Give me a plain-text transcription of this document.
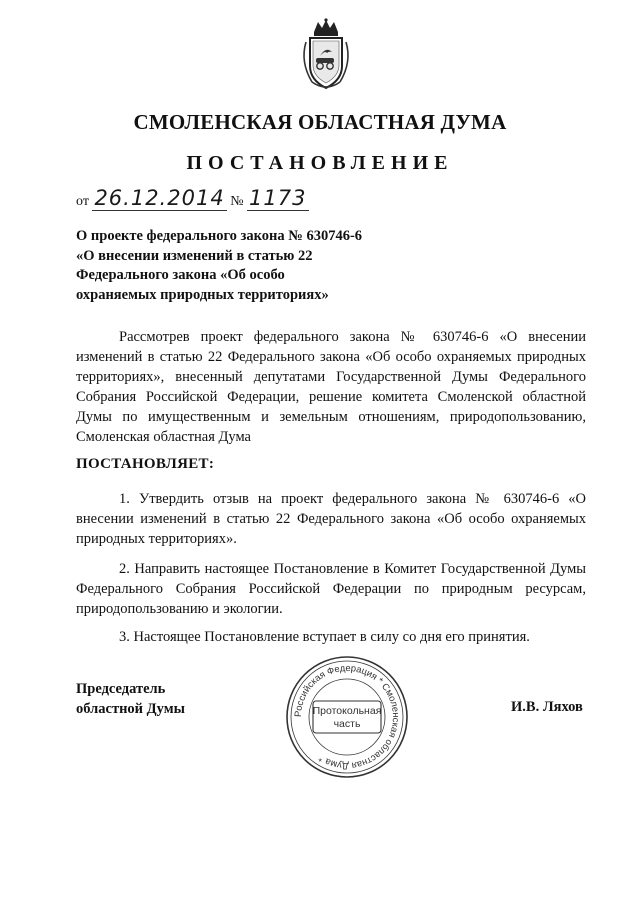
СМОЛЕНСКАЯ ОБЛАСТНАЯ ДУМА
ПОСТАНОВЛЕНИЕ
от 26.12.2014 № 1173
О проекте федерального закона № 630746-6
«О внесении изменений в статью 22
Федерального закона «Об особо
охраняемых природных территориях»
Рассмотрев проект федерального закона № 630746-6 «О внесении изменений в статью 22 Федерального закона «Об особо охраняемых природных территориях», внесенный депутатами Государственной Думы Федерального Собрания Российской Федерации, решение комитета Смоленской областной Думы по имущественным и земельным отношениям, природопользованию, Смоленская областная Дума
ПОСТАНОВЛЯЕТ:
1. Утвердить отзыв на проект федерального закона № 630746-6 «О внесении изменений в статью 22 Федерального закона «Об особо охраняемых природных территориях».
2. Направить настоящее Постановление в Комитет Государственной Думы Федерального Собрания Российской Федерации по природным ресурсам, природопользованию и экологии.
3. Настоящее Постановление вступает в силу со дня его принятия.
Председатель
областной Думы	Российская Федерация * Смоленская областная Дума *
Протокольная
часть
И.В. Ляхов
